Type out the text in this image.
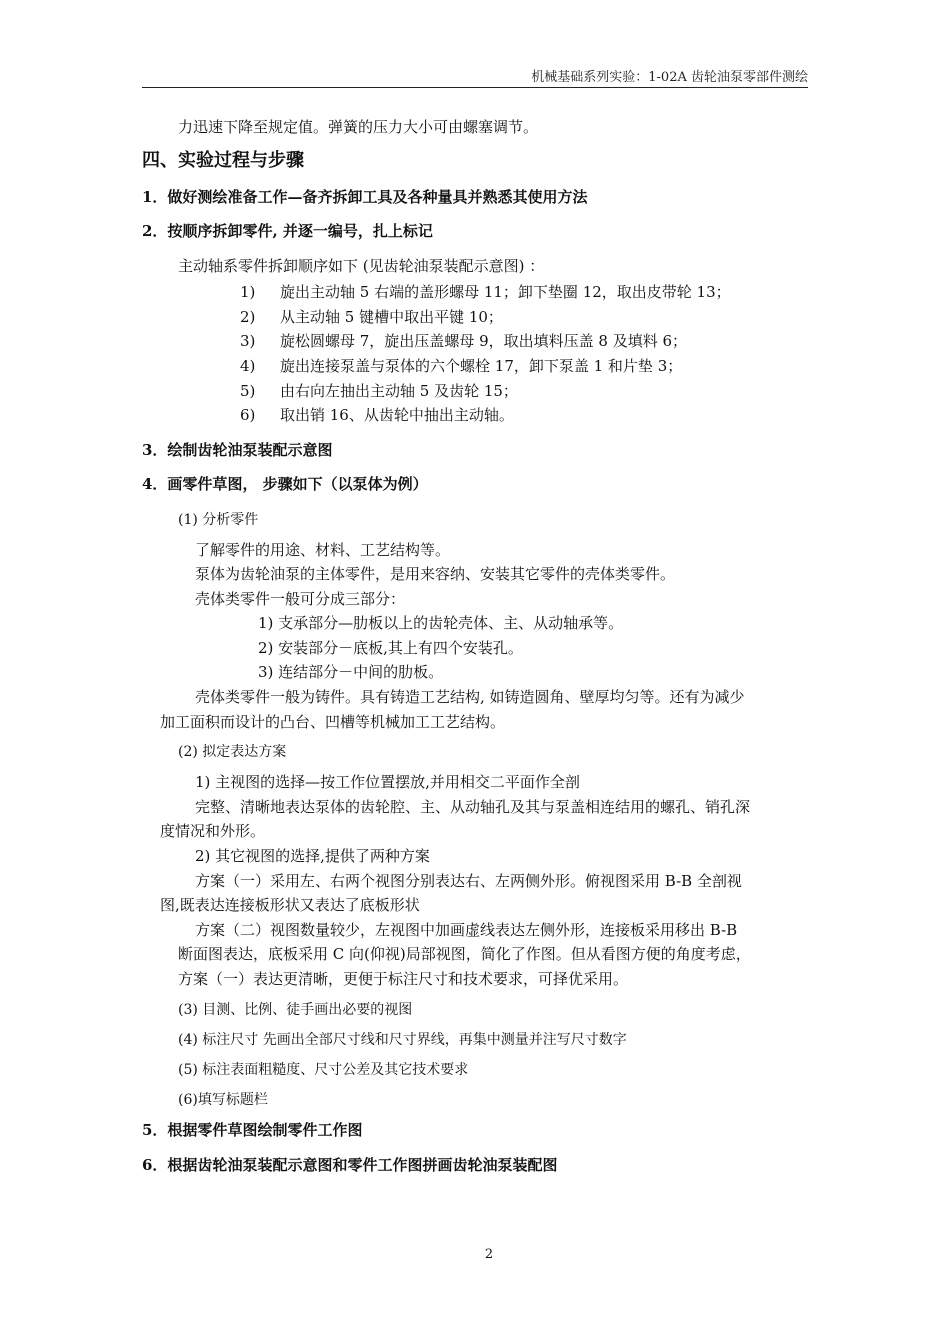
机械基础系列实验：1-02A 齿轮油泵零部件测绘
力迅速下降至规定值。弹簧的压力大小可由螺塞调节。
四、实验过程与步骤
1．做好测绘准备工作—备齐拆卸工具及各种量具并熟悉其使用方法
2．按顺序拆卸零件, 并逐一编号，扎上标记
主动轴系零件拆卸顺序如下 (见齿轮油泵装配示意图) ：
1) 旋出主动轴 5 右端的盖形螺母 11；卸下垫圈 12，取出皮带轮 13；
2) 从主动轴 5 键槽中取出平键 10；
3) 旋松圆螺母 7，旋出压盖螺母 9，取出填料压盖 8 及填料 6；
4) 旋出连接泵盖与泵体的六个螺栓 17，卸下泵盖 1 和片垫 3；
5) 由右向左抽出主动轴 5 及齿轮 15；
6) 取出销 16、从齿轮中抽出主动轴。
3．绘制齿轮油泵装配示意图
4．画零件草图， 步骤如下（以泵体为例）
(1) 分析零件
了解零件的用途、材料、工艺结构等。
泵体为齿轮油泵的主体零件，是用来容纳、安装其它零件的壳体类零件。
壳体类零件一般可分成三部分：
1) 支承部分—肋板以上的齿轮壳体、主、从动轴承等。
2) 安装部分－底板,其上有四个安装孔。
3) 连结部分－中间的肋板。
壳体类零件一般为铸件。具有铸造工艺结构, 如铸造圆角、壁厚均匀等。还有为减少
加工面积而设计的凸台、凹槽等机械加工工艺结构。
(2) 拟定表达方案
1) 主视图的选择—按工作位置摆放,并用相交二平面作全剖
完整、清晰地表达泵体的齿轮腔、主、从动轴孔及其与泵盖相连结用的螺孔、销孔深
度情况和外形。
2) 其它视图的选择,提供了两种方案
方案（一）采用左、右两个视图分别表达右、左两侧外形。俯视图采用 B-B 全剖视
图,既表达连接板形状又表达了底板形状
方案（二）视图数量较少，左视图中加画虚线表达左侧外形，连接板采用移出 B-B
断面图表达，底板采用 C 向(仰视)局部视图，简化了作图。但从看图方便的角度考虑，
方案（一）表达更清晰，更便于标注尺寸和技术要求，可择优采用。
(3) 目测、比例、徒手画出必要的视图
(4) 标注尺寸 先画出全部尺寸线和尺寸界线，再集中测量并注写尺寸数字
(5) 标注表面粗糙度、尺寸公差及其它技术要求
(6)填写标题栏
5．根据零件草图绘制零件工作图
6．根据齿轮油泵装配示意图和零件工作图拼画齿轮油泵装配图
2
